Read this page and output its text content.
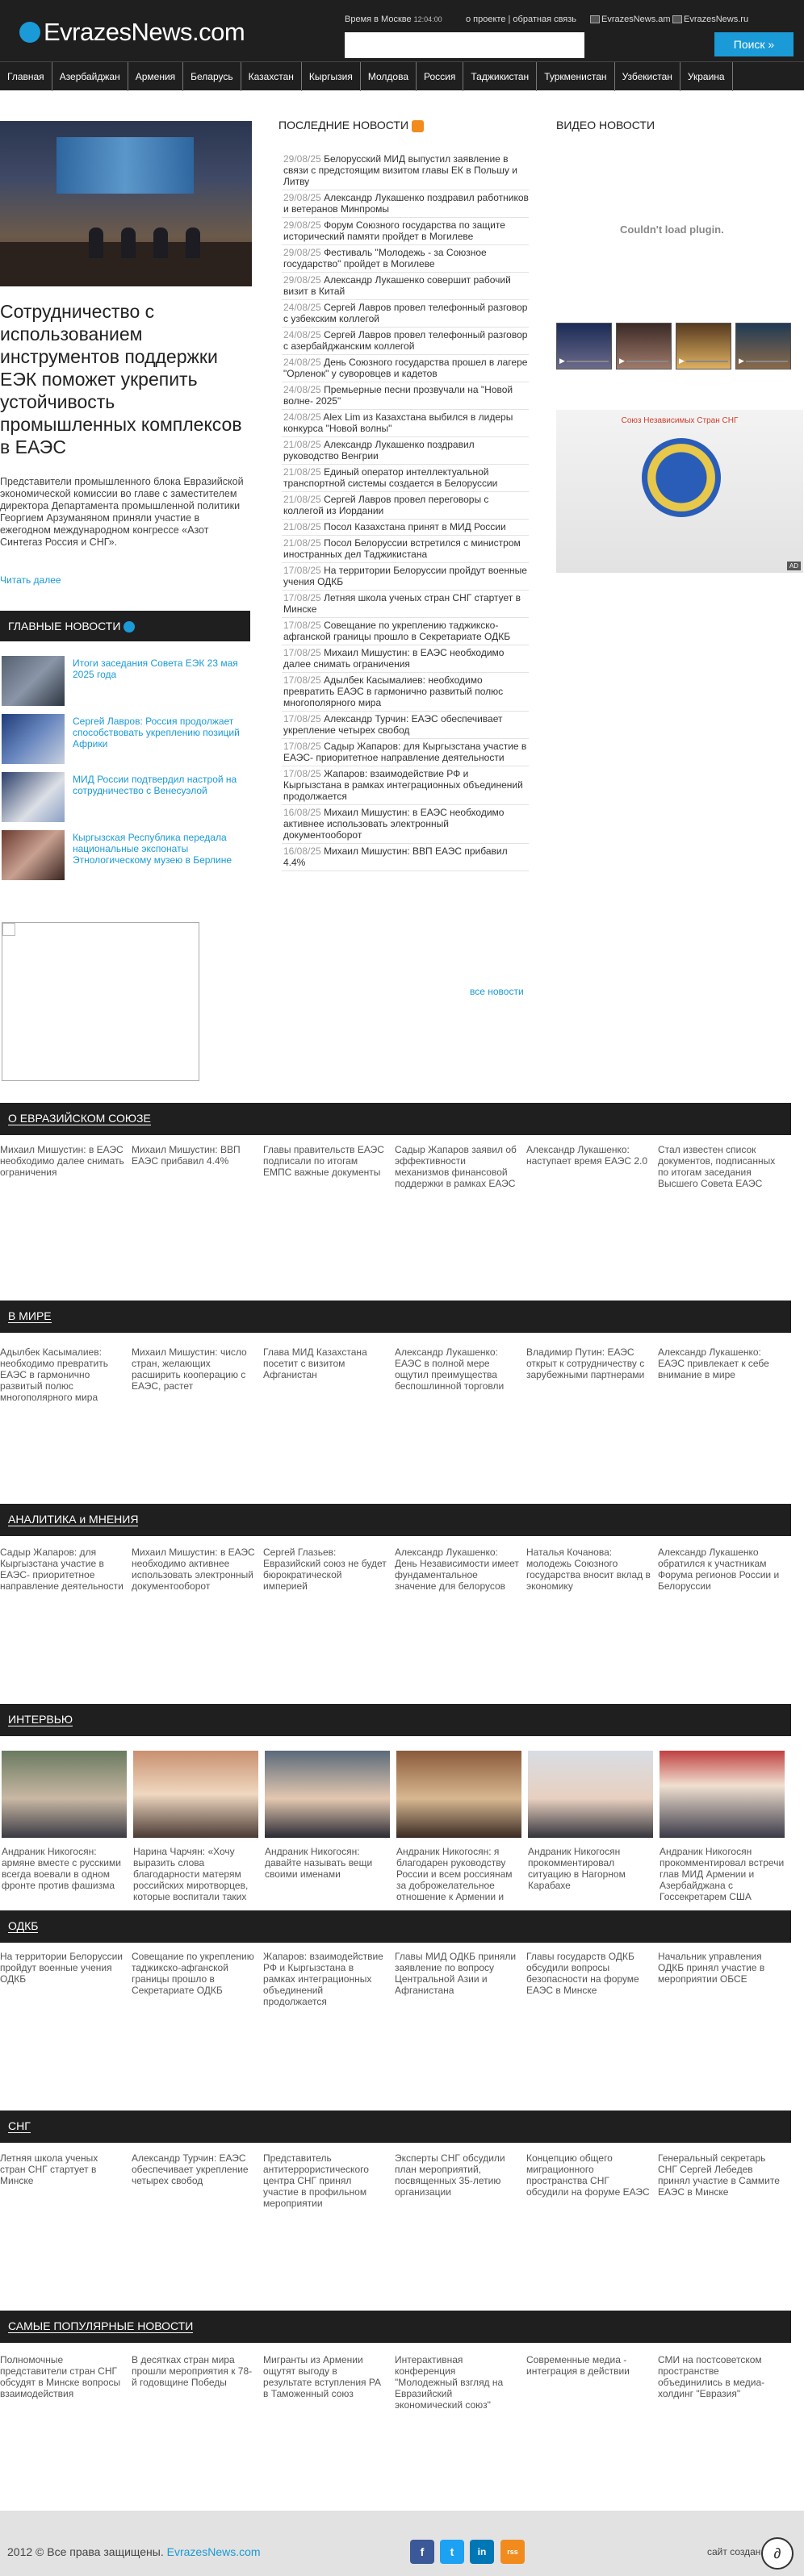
EvrazesNews.com	Время в Москве 12:04:00	о проекте | обратная связь	EvrazesNews.am EvrazesNews.ru
Поиск »
Главная	Азербайджан	Армения	Беларусь	Казахстан	Кыргызия	Молдова	Россия	Таджикистан	Туркменистан	Узбекистан	Украина
Сотрудничество с использованием инструментов поддержки ЕЭК поможет укрепить устойчивость промышленных комплексов в ЕАЭС
Представители промышленного блока Евразийской экономической комиссии во главе с заместителем директора Департамента промышленной политики Георгием Арзуманяном приняли участие в ежегодном международном конгрессе «Азот Синтегаз Россия и СНГ».
Читать далее
ГЛАВНЫЕ НОВОСТИ
Итоги заседания Совета ЕЭК 23 мая 2025 года
Сергей Лавров: Россия продолжает способствовать укреплению позиций Африки
МИД России подтвердил настрой на сотрудничество с Венесуэлой
Кыргызская Республика передала национальные экспонаты Этнологическому музею в Берлине
ПОСЛЕДНИЕ НОВОСТИ
29/08/25 Белорусский МИД выпустил заявление в связи с предстоящим визитом главы ЕК в Польшу и Литву
29/08/25 Александр Лукашенко поздравил работников и ветеранов Минпромы
29/08/25 Форум Союзного государства по защите исторический памяти пройдет в Могилеве
29/08/25 Фестиваль "Молодежь - за Союзное государство" пройдет в Могилеве
29/08/25 Александр Лукашенко совершит рабочий визит в Китай
24/08/25 Сергей Лавров провел телефонный разговор с узбекским коллегой
24/08/25 Сергей Лавров провел телефонный разговор с азербайджанским коллегой
24/08/25 День Союзного государства прошел в лагере "Орленок" у суворовцев и кадетов
24/08/25 Премьерные песни прозвучали на "Новой волне- 2025"
24/08/25 Alex Lim из Казахстана выбился в лидеры конкурса "Новой волны"
21/08/25 Александр Лукашенко поздравил руководство Венгрии
21/08/25 Единый оператор интеллектуальной транспортной системы создается в Белоруссии
21/08/25 Сергей Лавров провел переговоры с коллегой из Иордании
21/08/25 Посол Казахстана принят в МИД России
21/08/25 Посол Белоруссии встретился с министром иностранных дел Таджикистана
17/08/25 На территории Белоруссии пройдут военные учения ОДКБ
17/08/25 Летняя школа ученых стран СНГ стартует в Минске
17/08/25 Совещание по укреплению таджикско-афганской границы прошло в Секретариате ОДКБ
17/08/25 Михаил Мишустин: в ЕАЭС необходимо далее снимать ограничения
17/08/25 Адылбек Касымалиев: необходимо превратить ЕАЭС в гармонично развитый полюс многополярного мира
17/08/25 Александр Турчин: ЕАЭС обеспечивает укрепление четырех свобод
17/08/25 Садыр Жапаров: для Кыргызстана участие в ЕАЭС- приоритетное направление деятельности
17/08/25 Жапаров: взаимодействие РФ и Кыргызстана в рамках интеграционных объединений продолжается
16/08/25 Михаил Мишустин: в ЕАЭС необходимо активнее использовать электронный документооборот
16/08/25 Михаил Мишустин: ВВП ЕАЭС прибавил 4.4%
все новости
ВИДЕО НОВОСТИ
Couldn't load plugin.
▶	▶	▶	▶
Союз Независимых Стран СНГ
AD
О ЕВРАЗИЙСКОМ СОЮЗЕ
Михаил Мишустин: в ЕАЭС необходимо далее снимать ограничения
Михаил Мишустин: ВВП ЕАЭС прибавил 4.4%
Главы правительств ЕАЭС подписали по итогам ЕМПС важные документы
Садыр Жапаров заявил об эффективности механизмов финансовой поддержки в рамках ЕАЭС
Александр Лукашенко: наступает время ЕАЭС 2.0
Стал известен список документов, подписанных по итогам заседания Высшего Совета ЕАЭС
В МИРЕ
Адылбек Касымалиев: необходимо превратить ЕАЭС в гармонично развитый полюс многополярного мира
Михаил Мишустин: число стран, желающих расширить кооперацию с ЕАЭС, растет
Глава МИД Казахстана посетит с визитом Афганистан
Александр Лукашенко: ЕАЭС в полной мере ощутил преимущества беспошлинной торговли
Владимир Путин: ЕАЭС открыт к сотрудничеству с зарубежными партнерами
Александр Лукашенко: ЕАЭС привлекает к себе внимание в мире
АНАЛИТИКА и МНЕНИЯ
Садыр Жапаров: для Кыргызстана участие в ЕАЭС- приоритетное направление деятельности
Михаил Мишустин: в ЕАЭС необходимо активнее использовать электронный документооборот
Сергей Глазьев: Евразийский союз не будет бюрократической империей
Александр Лукашенко: День Независимости имеет фундаментальное значение для белорусов
Наталья Кочанова: молодежь Союзного государства вносит вклад в экономику
Александр Лукашенко обратился к участникам Форума регионов России и Белоруссии
ИНТЕРВЬЮ
Андраник Никогосян: армяне вместе с русскими всегда воевали в одном фронте против фашизма
Нарина Чарчян: «Хочу выразить слова благодарности матерям российских миротворцев, которые воспитали таких
Андраник Никогосян: давайте называть вещи своими именами
Андраник Никогосян: я благодарен руководству России и всем россиянам за доброжелательное отношение к Армении и
Андраник Никогосян прокомментировал ситуацию в Нагорном Карабахе
Андраник Никогосян прокомментировал встречи глав МИД Армении и Азербайджана с Госсекретарем США
ОДКБ
На территории Белоруссии пройдут военные учения ОДКБ
Совещание по укреплению таджикско-афганской границы прошло в Секретариате ОДКБ
Жапаров: взаимодействие РФ и Кыргызстана в рамках интеграционных объединений продолжается
Главы МИД ОДКБ приняли заявление по вопросу Центральной Азии и Афганистана
Главы государств ОДКБ обсудили вопросы безопасности на форуме ЕАЭС в Минске
Начальник управления ОДКБ принял участие в мероприятии ОБСЕ
СНГ
Летняя школа ученых стран СНГ стартует в Минске
Александр Турчин: ЕАЭС обеспечивает укрепление четырех свобод
Представитель антитеррористического центра СНГ принял участие в профильном мероприятии
Эксперты СНГ обсудили план мероприятий, посвященных 35-летию организации
Концепцию общего миграционного пространства СНГ обсудили на форуме ЕАЭС
Генеральный секретарь СНГ Сергей Лебедев принял участие в Саммите ЕАЭС в Минске
САМЫЕ ПОПУЛЯРНЫЕ НОВОСТИ
Полномочные представители стран СНГ обсудят в Минске вопросы взаимодействия
В десятках стран мира прошли мероприятия к 78-й годовщине Победы
Мигранты из Армении ощутят выгоду в результате вступления РА в Таможенный союз
Интерактивная конференция "Молодежный взгляд на Евразийский экономический союз"
Современные медиа - интеграция в действии
СМИ на постсоветском пространстве объединились в медиа-холдинг "Евразия"
2012 © Все права защищены. EvrazesNews.com	f	t	in	rss	сайт создан ∂
